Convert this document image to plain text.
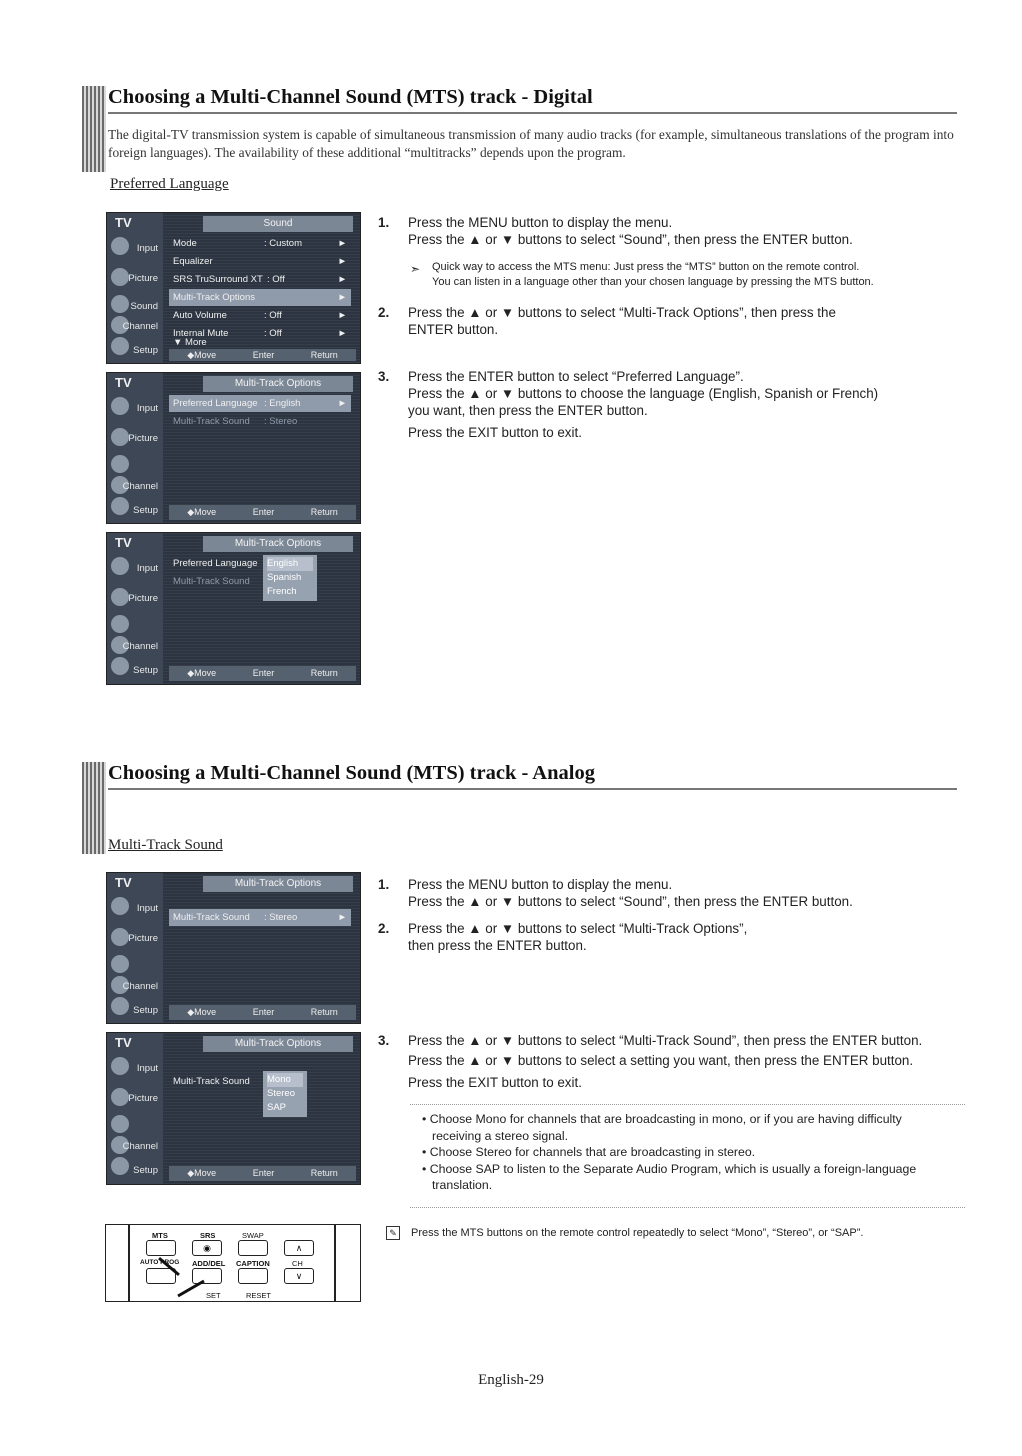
Choosing a Multi-Channel Sound (MTS) track - Digital
The digital-TV transmission system is capable of simultaneous transmission of many audio tracks (for example, simultaneous translations of the program into foreign languages). The availability of these additional “multitracks” depends upon the program.
Preferred Language
TV
Input
Picture
Sound
Channel
Setup
Sound
Mode	: Custom	►
Equalizer	►
SRS TruSurround XT : Off	►
Multi-Track Options	►
Auto Volume	: Off	►
Internal Mute	: Off	►
▼ More
◆Move	Enter	Return
TV
Input
Picture
Channel
Setup
Multi-Track Options
Preferred Language : English	►
Multi-Track Sound : Stereo
◆Move	Enter	Return
TV
Input
Picture
Channel
Setup
Multi-Track Options
Preferred Language
Multi-Track Sound
English
Spanish
French
◆Move	Enter	Return
1. Press the MENU button to display the menu.
Press the ▲ or ▼ buttons to select “Sound”, then press the ENTER button.
➣ Quick way to access the MTS menu: Just press the “MTS” button on the remote control.
You can listen in a language other than your chosen language by pressing the MTS button.
2. Press the ▲ or ▼ buttons to select “Multi-Track Options”, then press the
ENTER button.
3. Press the ENTER button to select “Preferred Language”.
Press the ▲ or ▼ buttons to choose the language (English, Spanish or French)
you want, then press the ENTER button.
Press the EXIT button to exit.
Choosing a Multi-Channel Sound (MTS) track - Analog
Multi-Track Sound
TV
Input
Picture
Channel
Setup
Multi-Track Options
Multi-Track Sound : Stereo	►
◆Move	Enter	Return
TV
Input
Picture
Channel
Setup
Multi-Track Options
Multi-Track Sound	Mono
Stereo
SAP
◆Move	Enter	Return
1. Press the MENU button to display the menu.
Press the ▲ or ▼ buttons to select “Sound”, then press the ENTER button.
2. Press the ▲ or ▼ buttons to select “Multi-Track Options”,
then press the ENTER button.
3. Press the ▲ or ▼ buttons to select “Multi-Track Sound”, then press the ENTER button.
Press the ▲ or ▼ buttons to select a setting you want, then press the ENTER button.
Press the EXIT button to exit.
• Choose Mono for channels that are broadcasting in mono, or if you are having difficulty
receiving a stereo signal.
• Choose Stereo for channels that are broadcasting in stereo.
• Choose SAP to listen to the Separate Audio Program, which is usually a foreign-language
translation.
MTS	SRS	SWAP
◉	∧
AUTO PROG ADD/DEL CAPTION	CH
∨
SET	RESET
✎ Press the MTS buttons on the remote control repeatedly to select “Mono”, “Stereo”, or “SAP”.
English-29
